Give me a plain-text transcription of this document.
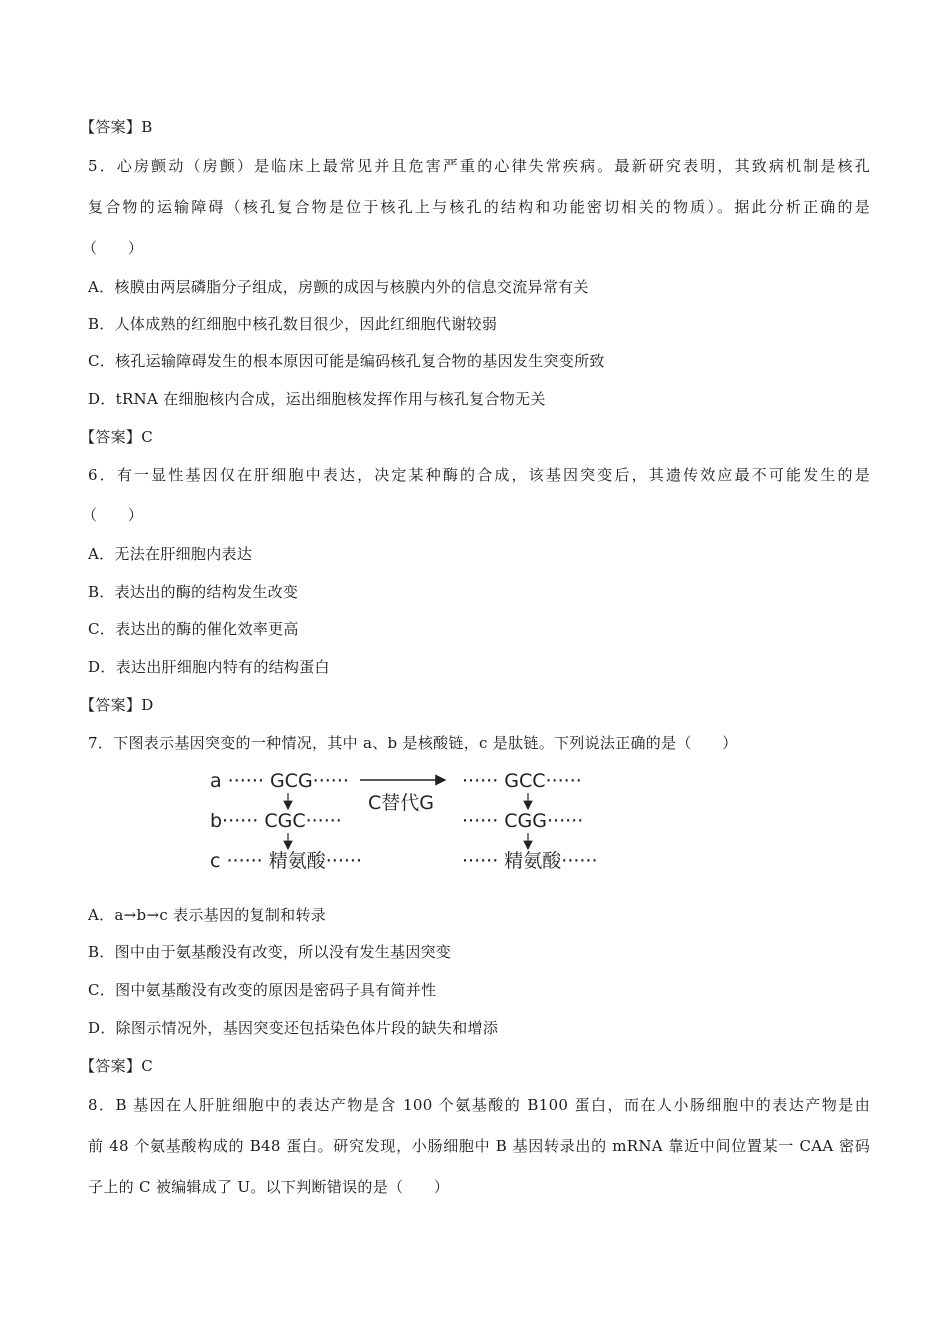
【答案】B
5．心房颤动（房颤）是临床上最常见并且危害严重的心律失常疾病。最新研究表明，其致病机制是核孔
复合物的运输障碍（核孔复合物是位于核孔上与核孔的结构和功能密切相关的物质）。据此分析正确的是
（　　）
A．核膜由两层磷脂分子组成，房颤的成因与核膜内外的信息交流异常有关
B．人体成熟的红细胞中核孔数目很少，因此红细胞代谢较弱
C．核孔运输障碍发生的根本原因可能是编码核孔复合物的基因发生突变所致
D．tRNA 在细胞核内合成，运出细胞核发挥作用与核孔复合物无关
【答案】C
6．有一显性基因仅在肝细胞中表达，决定某种酶的合成，该基因突变后，其遗传效应最不可能发生的是
（　　）
A．无法在肝细胞内表达
B．表达出的酶的结构发生改变
C．表达出的酶的催化效率更高
D．表达出肝细胞内特有的结构蛋白
【答案】D
7．下图表示基因突变的一种情况，其中 a、b 是核酸链，c 是肽链。下列说法正确的是（　　）
a ······ GCG······
b······ CGC······
c ······ 精氨酸······
C替代G
······ GCC······
······ CGG······
······ 精氨酸······
A．a→b→c 表示基因的复制和转录
B．图中由于氨基酸没有改变，所以没有发生基因突变
C．图中氨基酸没有改变的原因是密码子具有简并性
D．除图示情况外，基因突变还包括染色体片段的缺失和增添
【答案】C
8．B 基因在人肝脏细胞中的表达产物是含 100 个氨基酸的 B100 蛋白，而在人小肠细胞中的表达产物是由
前 48 个氨基酸构成的 B48 蛋白。研究发现，小肠细胞中 B 基因转录出的 mRNA 靠近中间位置某一 CAA 密码
子上的 C 被编辑成了 U。以下判断错误的是（　　）
